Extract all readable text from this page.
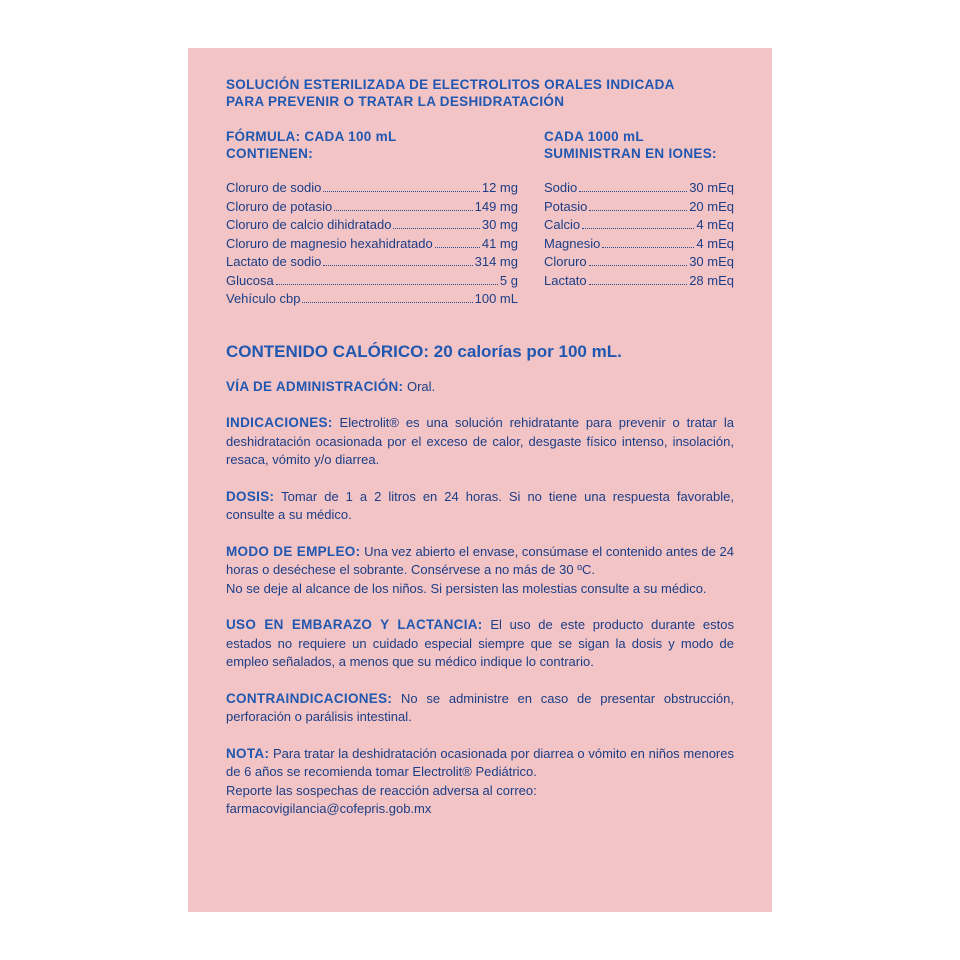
SOLUCIÓN ESTERILIZADA DE ELECTROLITOS ORALES INDICADA
PARA PREVENIR O TRATAR LA DESHIDRATACIÓN
FÓRMULA: CADA 100 mL
CONTIENEN:
Cloruro de sodio	12 mg
Cloruro de potasio	149 mg
Cloruro de calcio dihidratado	30 mg
Cloruro de magnesio hexahidratado	41 mg
Lactato de sodio	314 mg
Glucosa	5 g
Vehículo cbp	100 mL
CADA 1000 mL
SUMINISTRAN EN IONES:
Sodio	30 mEq
Potasio	20 mEq
Calcio	4 mEq
Magnesio	4 mEq
Cloruro	30 mEq
Lactato	28 mEq
CONTENIDO CALÓRICO: 20 calorías por 100 mL.
VÍA DE ADMINISTRACIÓN: Oral.
INDICACIONES: Electrolit® es una solución rehidratante para prevenir o tratar la deshidratación ocasionada por el exceso de calor, desgaste físico intenso, insolación, resaca, vómito y/o diarrea.
DOSIS: Tomar de 1 a 2 litros en 24 horas. Si no tiene una respuesta favorable, consulte a su médico.
MODO DE EMPLEO: Una vez abierto el envase, consúmase el contenido antes de 24 horas o deséchese el sobrante. Consérvese a no más de 30 ºC.
No se deje al alcance de los niños. Si persisten las molestias consulte a su médico.
USO EN EMBARAZO Y LACTANCIA: El uso de este producto durante estos estados no requiere un cuidado especial siempre que se sigan la dosis y modo de empleo señalados, a menos que su médico indique lo contrario.
CONTRAINDICACIONES: No se administre en caso de presentar obstrucción, perforación o parálisis intestinal.
NOTA: Para tratar la deshidratación ocasionada por diarrea o vómito en niños menores de 6 años se recomienda tomar Electrolit® Pediátrico.
Reporte las sospechas de reacción adversa al correo:
farmacovigilancia@cofepris.gob.mx
